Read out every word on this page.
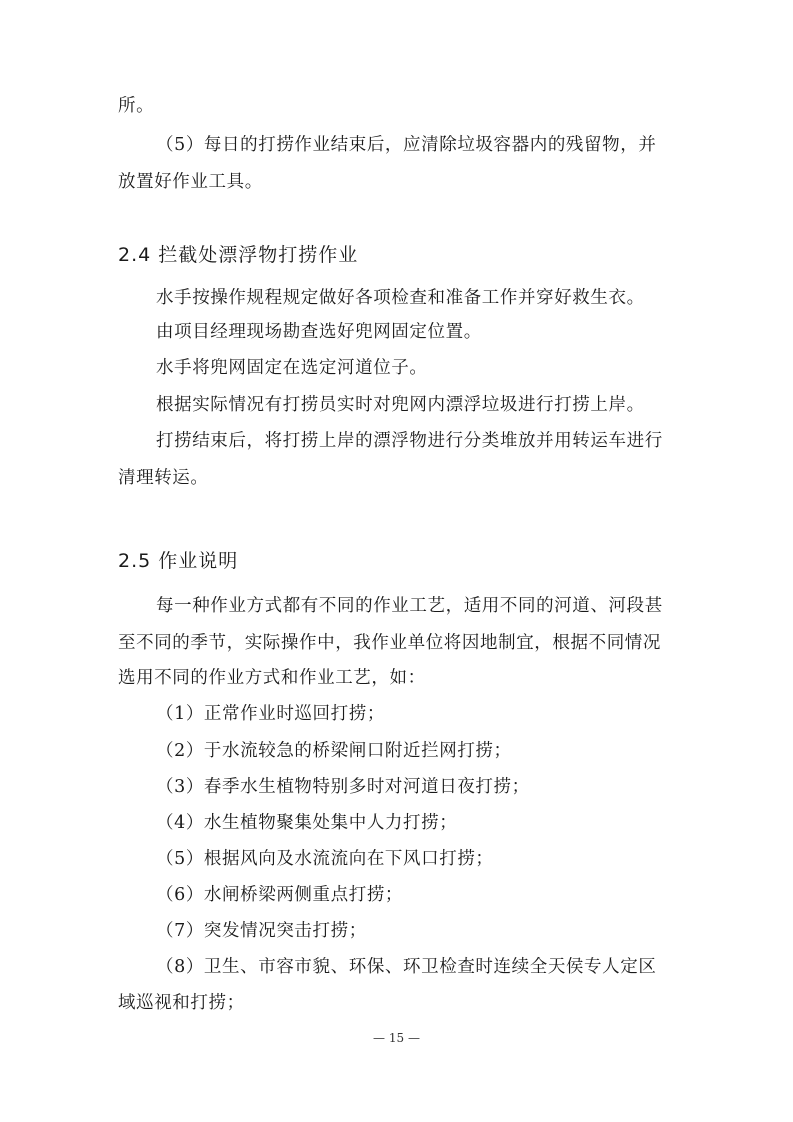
所。
（5）每日的打捞作业结束后，应清除垃圾容器内的残留物，并
放置好作业工具。
2.4 拦截处漂浮物打捞作业
水手按操作规程规定做好各项检查和准备工作并穿好救生衣。
由项目经理现场勘查选好兜网固定位置。
水手将兜网固定在选定河道位子。
根据实际情况有打捞员实时对兜网内漂浮垃圾进行打捞上岸。
打捞结束后，将打捞上岸的漂浮物进行分类堆放并用转运车进行
清理转运。
2.5 作业说明
每一种作业方式都有不同的作业工艺，适用不同的河道、河段甚
至不同的季节，实际操作中，我作业单位将因地制宜，根据不同情况
选用不同的作业方式和作业工艺，如：
（1）正常作业时巡回打捞；
（2）于水流较急的桥梁闸口附近拦网打捞；
（3）春季水生植物特别多时对河道日夜打捞；
（4）水生植物聚集处集中人力打捞；
（5）根据风向及水流流向在下风口打捞；
（6）水闸桥梁两侧重点打捞；
（7）突发情况突击打捞；
（8）卫生、市容市貌、环保、环卫检查时连续全天侯专人定区
域巡视和打捞；
— 15 —
